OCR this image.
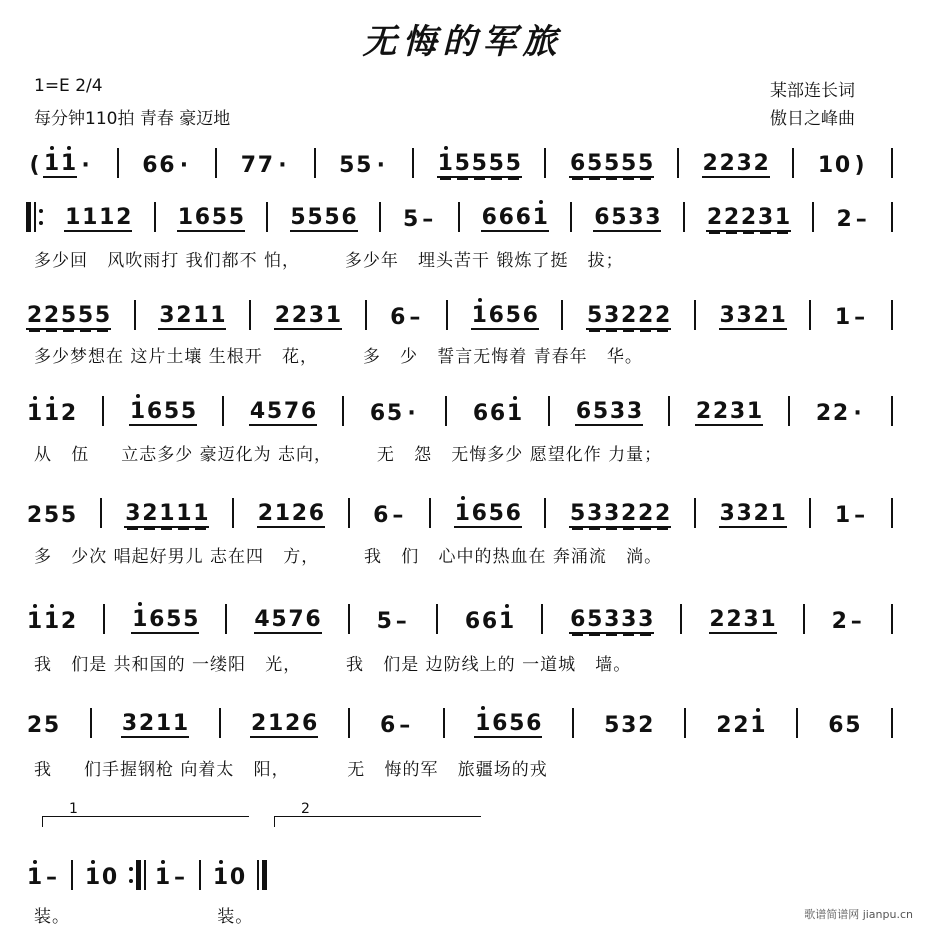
无悔的军旅
1=E 2/4
每分钟110拍 青春 豪迈地
某部连长词
傲日之峰曲
( 1 1 · 6 6 · 7 7 · 5 5 · 1 5 5 5 5 6 5 5 5 5 2 2 3 2 1 0 )
1 1 1 2 1 6 5 5 5 5 5 6 5 – 6 6 6 1 6 5 3 3 2 2 2 3 1 2 –
多少回   风吹雨打 我们都不 怕，       多少年   埋头苦干 锻炼了挺   拔；
2 2 5 5 5 3 2 1 1 2 2 3 1 6 – 1 6 5 6 5 3 2 2 2 3 3 2 1 1 –
多少梦想在 这片土壤 生根开   花，       多   少   誓言无悔着 青春年   华。
1 1 2 1 6 5 5 4 5 7 6 6 5 ·	6 6 1 6 5 3 3 2 2 3 1 2 2 ·
从   伍     立志多少 豪迈化为 志向，       无   怨   无悔多少 愿望化作 力量；
2 5 5 3 2 1 1 1 2 1 2 6 6 – 1 6 5 6 5 3 3 2 2 2 3 3 2 1 1 –
多   少次 唱起好男儿 志在四   方，       我   们   心中的热血在 奔涌流   淌。
1 1 2	1 6 5 5	4 5 7 6	5 –	6 6 1	6 5 3 3 3	2 2 3 1	2 –
我   们是 共和国的 一缕阳   光，       我   们是 边防线上的 一道城   墙。
2 5	3 2 1 1	2 1 2 6	6 –	1 6 5 6	5 3 2	2 2 1	6 5
我     们手握钢枪 向着太   阳，         无   悔的军   旅疆场的戎
1	2
1 – 1 0 1 – 1 0
装。                       装。	歌谱简谱网 jianpu.cn
